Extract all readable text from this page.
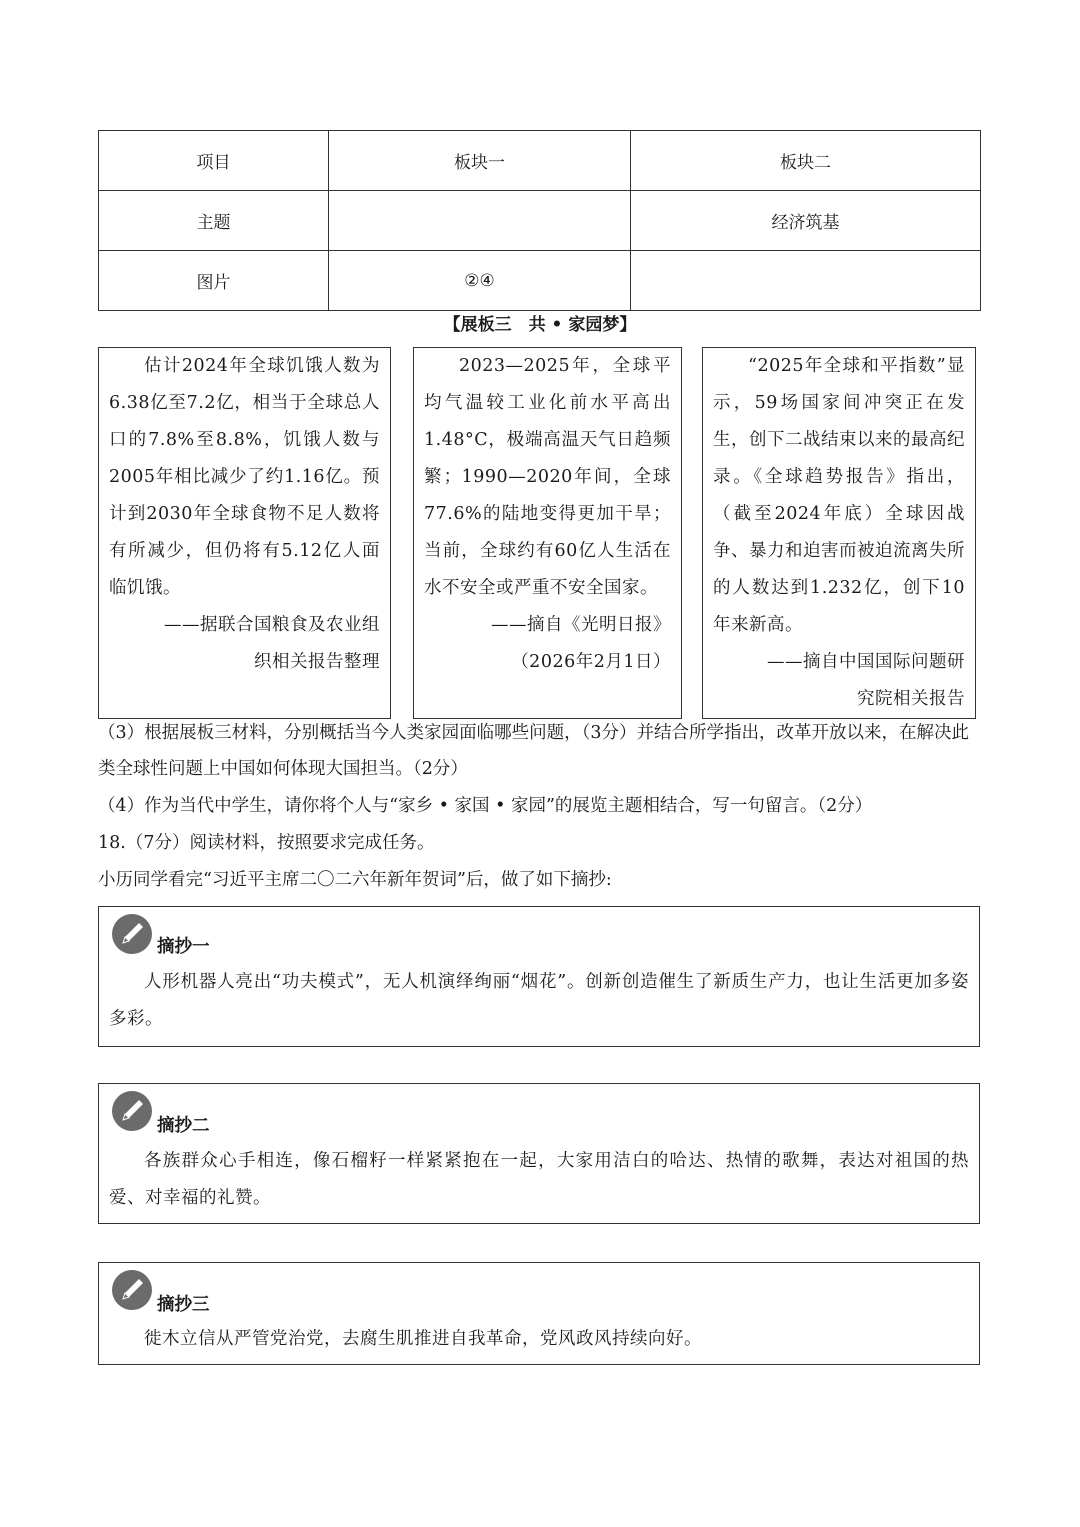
项目	板块一	板块二
主题		经济筑基
图片	②④	
【展板三　共 • 家园梦】

估计2024年全球饥饿人数为6.38亿至7.2亿，相当于全球总人口的7.8%至8.8%，饥饿人数与2005年相比减少了约1.16亿。预计到2030年全球食物不足人数将有所减少，但仍将有5.12亿人面临饥饿。

——据联合国粮食及农业组织相关报告整理

2023—2025年，全球平均气温较工业化前水平高出1.48°C，极端高温天气日趋频繁；1990—2020年间，全球77.6%的陆地变得更加干旱；当前，全球约有60亿人生活在水不安全或严重不安全国家。

——摘自《光明日报》

（2026年2月1日）

“2025年全球和平指数”显示，59场国家间冲突正在发生，创下二战结束以来的最高纪录。《全球趋势报告》指出，（截至2024年底）全球因战争、暴力和迫害而被迫流离失所的人数达到1.232亿，创下10年来新高。

——摘自中国国际问题研究院相关报告

（3）根据展板三材料，分别概括当今人类家园面临哪些问题，（3分）并结合所学指出，改革开放以来，在解决此类全球性问题上中国如何体现大国担当。（2分）
（4）作为当代中学生，请你将个人与“家乡 • 家国 • 家园”的展览主题相结合，写一句留言。（2分）
18.（7分）阅读材料，按照要求完成任务。
小历同学看完“习近平主席二〇二六年新年贺词”后，做了如下摘抄:
摘抄一

人形机器人亮出“功夫模式”，无人机演绎绚丽“烟花”。创新创造催生了新质生产力，也让生活更加多姿多彩。

摘抄二

各族群众心手相连，像石榴籽一样紧紧抱在一起，大家用洁白的哈达、热情的歌舞，表达对祖国的热爱、对幸福的礼赞。

摘抄三

徙木立信从严管党治党，去腐生肌推进自我革命，党风政风持续向好。
